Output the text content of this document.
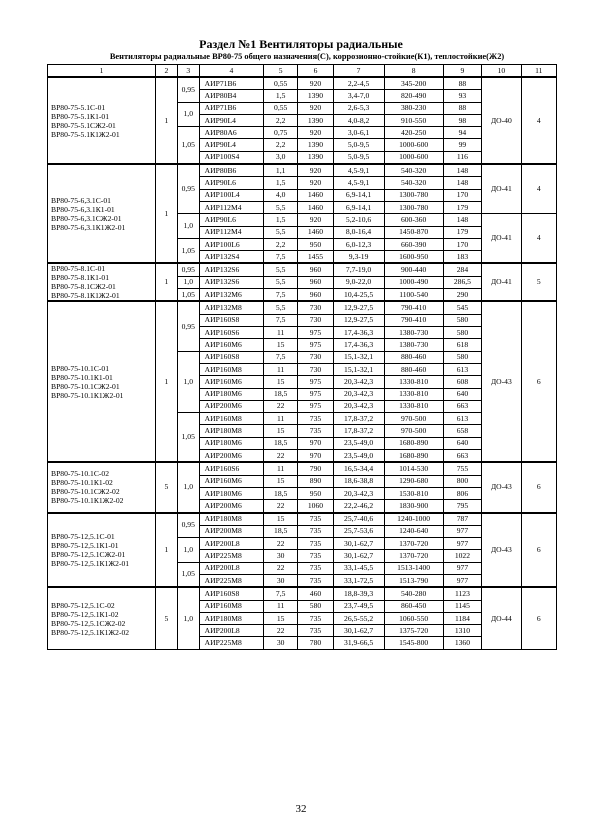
Раздел №1 Вентиляторы радиальные
Вентиляторы радиальные ВР80-75 общего назначения(С), коррозионно-стойкие(К1), теплостойкие(Ж2)
1	2	3	4	5	6	7	8	9	10	11

ВР80-75-5.1С-01
ВР80-75-5.1К1-01
ВР80-75-5.1СЖ2-01
ВР80-75-5.1К1Ж2-01	1	0,95	АИР71В6	0,55	920	2,2-4,5	345-200	88	ДО-40	4
			АИР80В4	1,5	1390	3,4-7,0	820-490	93		
		1,0	АИР71В6	0,55	920	2,6-5,3	380-230	88		
			АИР90L4	2,2	1390	4,0-8,2	910-550	98		
		1,05	АИР80А6	0,75	920	3,0-6,1	420-250	94		
			АИР90L4	2,2	1390	5,0-9,5	1000-600	99		
			АИР100S4	3,0	1390	5,0-9,5	1000-600	116		

ВР80-75-6,3.1С-01
ВР80-75-6,3.1К1-01
ВР80-75-6,3.1СЖ2-01
ВР80-75-6,3.1К1Ж2-01	1	0,95	АИР80В6	1,1	920	4,5-9,1	540-320	148	ДО-41	4
			АИР90L6	1,5	920	4,5-9,1	540-320	148		
			АИР100L4	4,0	1460	6,9-14,1	1300-780	170		
			АИР112М4	5,5	1460	6,9-14,1	1300-780	179		
		1,0	АИР90L6	1,5	920	5,2-10,6	600-360	148	ДО-41	4
			АИР112М4	5,5	1460	8,0-16,4	1450-870	179		
		1,05	АИР100L6	2,2	950	6,0-12,3	660-390	170		
			АИР132S4	7,5	1455	9,3-19	1600-950	183		

ВР80-75-8.1С-01
ВР80-75-8.1К1-01
ВР80-75-8.1СЖ2-01
ВР80-75-8.1К1Ж2-01	1	0,95	АИР132S6	5,5	960	7,7-19,0	900-440	284	ДО-41	5
		1,0	АИР132S6	5,5	960	9,0-22,0	1000-490	286,5		
		1,05	АИР132М6	7,5	960	10,4-25,5	1100-540	290		

ВР80-75-10.1С-01
ВР80-75-10.1К1-01
ВР80-75-10.1СЖ2-01
ВР80-75-10.1К1Ж2-01	1	0,95	АИР132М8	5,5	730	12,9-27,5	790-410	545	ДО-43	6
			АИР160S8	7,5	730	12,9-27,5	790-410	580		
			АИР160S6	11	975	17,4-36,3	1380-730	580		
			АИР160М6	15	975	17,4-36,3	1380-730	618		
		1,0	АИР160S8	7,5	730	15,1-32,1	880-460	580		
			АИР160М8	11	730	15,1-32,1	880-460	613		
			АИР160М6	15	975	20,3-42,3	1330-810	608		
			АИР180М6	18,5	975	20,3-42,3	1330-810	640		
			АИР200М6	22	975	20,3-42,3	1330-810	663		
		1,05	АИР160М8	11	735	17,8-37,2	970-500	613		
			АИР180М8	15	735	17,8-37,2	970-500	658		
			АИР180М6	18,5	970	23,5-49,0	1680-890	640		
			АИР200М6	22	970	23,5-49,0	1680-890	663		

ВР80-75-10.1С-02
ВР80-75-10.1К1-02
ВР80-75-10.1СЖ2-02
ВР80-75-10.1К1Ж2-02	5	1,0	АИР160S6	11	790	16,5-34,4	1014-530	755	ДО-43	6
			АИР160М6	15	890	18,6-38,8	1290-680	800		
			АИР180М6	18,5	950	20,3-42,3	1530-810	806		
			АИР200М6	22	1060	22,2-46,2	1830-900	795		

ВР80-75-12,5.1С-01
ВР80-75-12,5.1К1-01
ВР80-75-12,5.1СЖ2-01
ВР80-75-12,5.1К1Ж2-01	1	0,95	АИР180М8	15	735	25,7-40,6	1240-1000	787	ДО-43	6
			АИР200М8	18,5	735	25,7-53,6	1240-640	977		
		1,0	АИР200L8	22	735	30,1-62,7	1370-720	977		
			АИР225М8	30	735	30,1-62,7	1370-720	1022		
		1,05	АИР200L8	22	735	33,1-45,5	1513-1400	977		
			АИР225М8	30	735	33,1-72,5	1513-790	977		

ВР80-75-12,5.1С-02
ВР80-75-12,5.1К1-02
ВР80-75-12,5.1СЖ2-02
ВР80-75-12,5.1К1Ж2-02	5	1,0	АИР160S8	7,5	460	18,8-39,3	540-280	1123	ДО-44	6
			АИР160М8	11	580	23,7-49,5	860-450	1145		
			АИР180М8	15	735	26,5-55,2	1060-550	1184		
			АИР200L8	22	735	30,1-62,7	1375-720	1310		
			АИР225М8	30	780	31,9-66,5	1545-800	1360		
32
